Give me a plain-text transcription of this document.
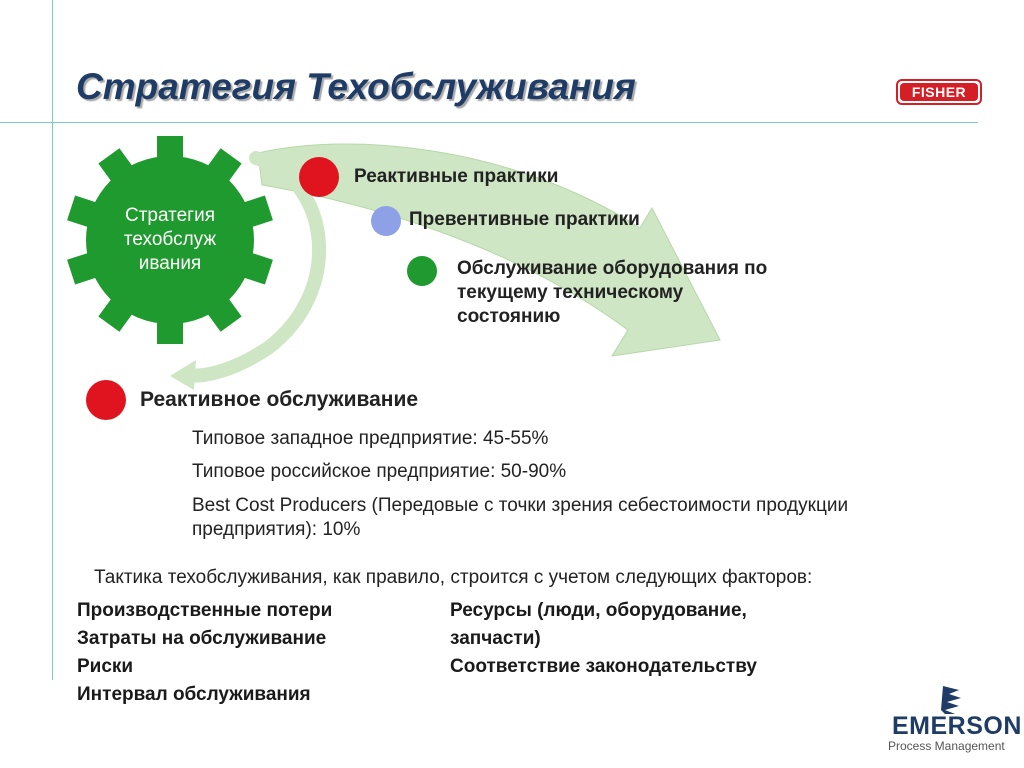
Стратегия Техобслуживания	FISHER
Стратегия техобслуж ивания
Реактивные практики
Превентивные практики
Обслуживание оборудования по текущему техническому состоянию
Реактивное обслуживание
Типовое западное предприятие: 45-55%
Типовое российское предприятие: 50-90%
Best Cost Producers (Передовые с точки зрения себестоимости продукции предприятия): 10%
Тактика техобслуживания, как правило, строится с учетом следующих факторов:
Производственные потери
Затраты на обслуживание
Риски
Интервал обслуживания
Ресурсы (люди, оборудование, запчасти)
Соответствие законодательству
EMERSON
Process Management
